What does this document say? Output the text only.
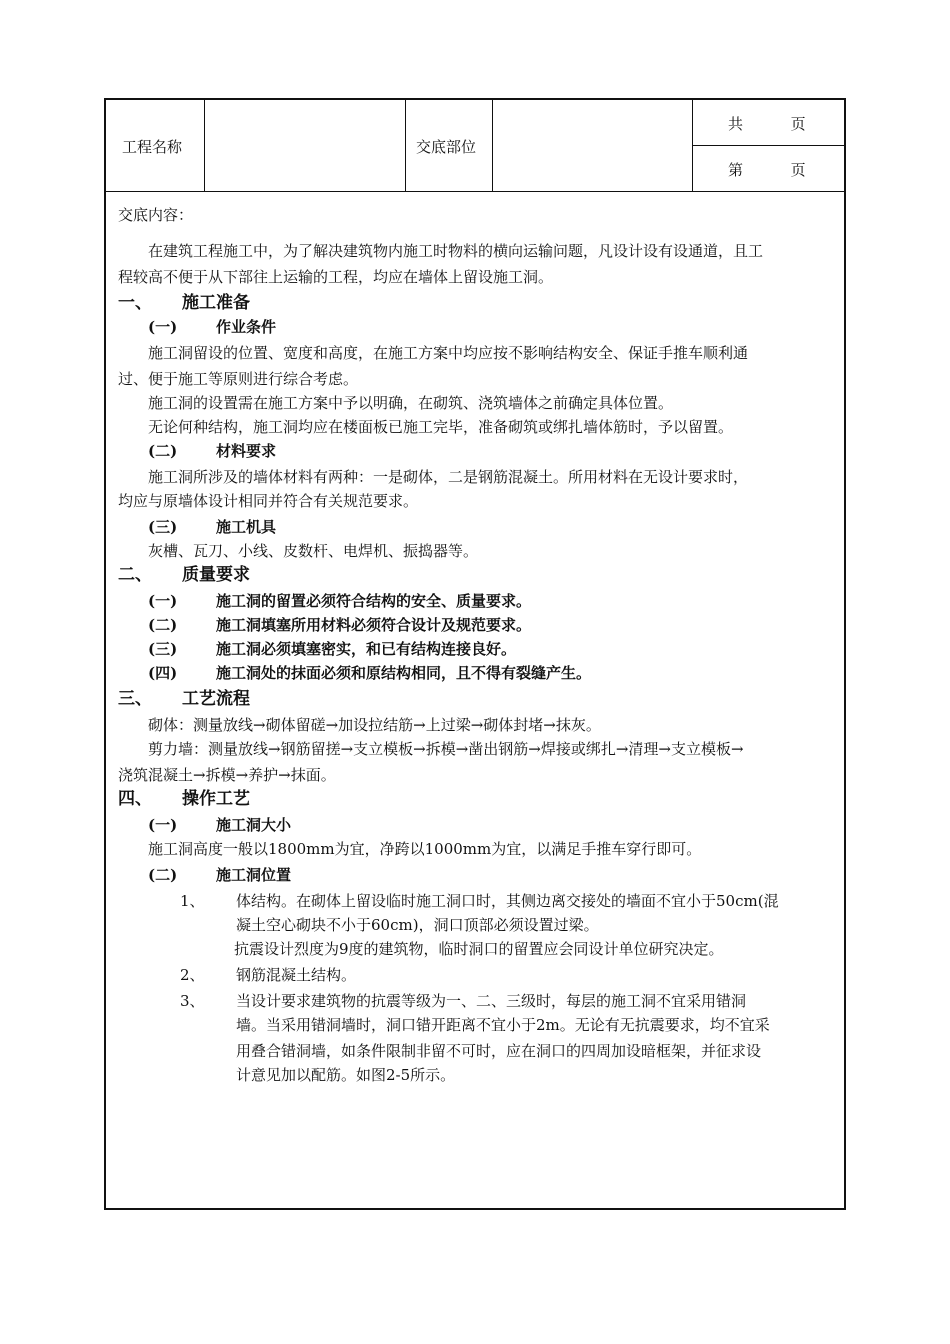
工程名称	交底部位
共          页
第          页
交底内容：
在建筑工程施工中，为了解决建筑物内施工时物料的横向运输问题，凡设计设有设通道，且工
程较高不便于从下部往上运输的工程，均应在墙体上留设施工洞。
一、 施工准备
(一)	作业条件
施工洞留设的位置、宽度和高度，在施工方案中均应按不影响结构安全、保证手推车顺利通
过、便于施工等原则进行综合考虑。
施工洞的设置需在施工方案中予以明确，在砌筑、浇筑墙体之前确定具体位置。
无论何种结构，施工洞均应在楼面板已施工完毕，准备砌筑或绑扎墙体筋时，予以留置。
(二)	材料要求
施工洞所涉及的墙体材料有两种：一是砌体，二是钢筋混凝土。所用材料在无设计要求时，
均应与原墙体设计相同并符合有关规范要求。
(三)	施工机具
灰槽、瓦刀、小线、皮数杆、电焊机、振捣器等。
二、 质量要求
(一)	施工洞的留置必须符合结构的安全、质量要求。
(二)	施工洞填塞所用材料必须符合设计及规范要求。
(三)	施工洞必须填塞密实，和已有结构连接良好。
(四)	施工洞处的抹面必须和原结构相同，且不得有裂缝产生。
三、 工艺流程
砌体：测量放线→砌体留磋→加设拉结筋→上过梁→砌体封堵→抹灰。
剪力墙：测量放线→钢筋留搓→支立模板→拆模→凿出钢筋→焊接或绑扎→清理→支立模板→
浇筑混凝土→拆模→养护→抹面。
四、 操作工艺
(一)	施工洞大小
施工洞高度一般以1800mm为宜，净跨以1000mm为宜，以满足手推车穿行即可。
(二)	施工洞位置
1、 体结构。在砌体上留设临时施工洞口时，其侧边离交接处的墙面不宜小于50cm(混
凝土空心砌块不小于60cm)，洞口顶部必须设置过梁。
抗震设计烈度为9度的建筑物，临时洞口的留置应会同设计单位研究决定。
2、 钢筋混凝土结构。
3、 当设计要求建筑物的抗震等级为一、二、三级时，每层的施工洞不宜采用错洞
墙。当采用错洞墙时，洞口错开距离不宜小于2m。无论有无抗震要求，均不宜采
用叠合错洞墙，如条件限制非留不可时，应在洞口的四周加设暗框架，并征求设
计意见加以配筋。如图2-5所示。
